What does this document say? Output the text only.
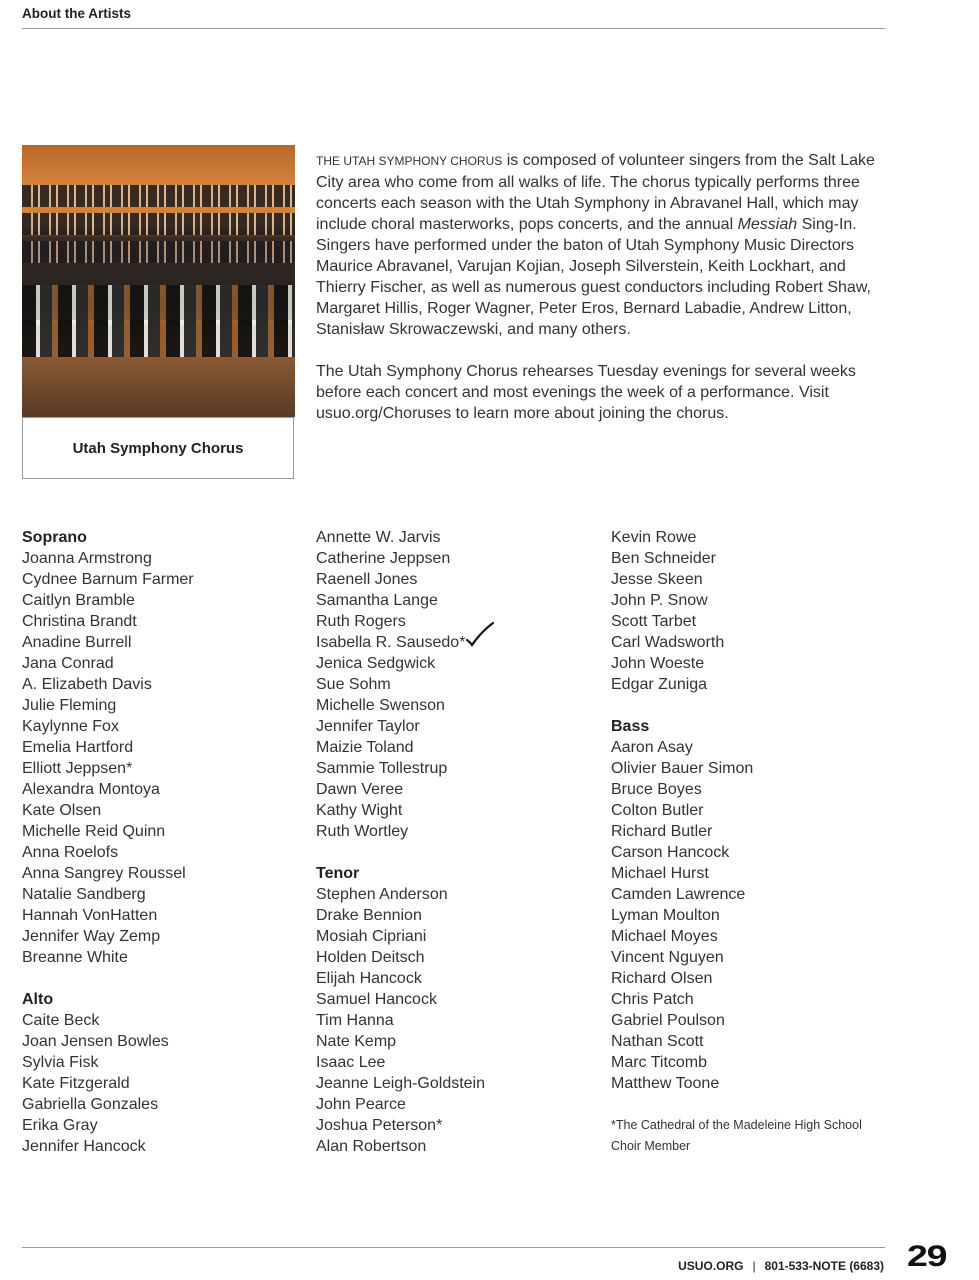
About the Artists
Utah Symphony Chorus

THE UTAH SYMPHONY CHORUS is composed of volunteer singers from the Salt Lake City area who come from all walks of life. The chorus typically performs three concerts each season with the Utah Symphony in Abravanel Hall, which may include choral masterworks, pops concerts, and the annual Messiah Sing-In. Singers have performed under the baton of Utah Symphony Music Directors Maurice Abravanel, Varujan Kojian, Joseph Silverstein, Keith Lockhart, and Thierry Fischer, as well as numerous guest conductors including Robert Shaw, Margaret Hillis, Roger Wagner, Peter Eros, Bernard Labadie, Andrew Litton, Stanisław Skrowaczewski, and many others.

The Utah Symphony Chorus rehearses Tuesday evenings for several weeks before each concert and most evenings the week of a performance. Visit usuo.org/Choruses to learn more about joining the chorus.

Soprano
Joanna Armstrong
Cydnee Barnum Farmer
Caitlyn Bramble
Christina Brandt
Anadine Burrell
Jana Conrad
A. Elizabeth Davis
Julie Fleming
Kaylynne Fox
Emelia Hartford
Elliott Jeppsen*
Alexandra Montoya
Kate Olsen
Michelle Reid Quinn
Anna Roelofs
Anna Sangrey Roussel
Natalie Sandberg
Hannah VonHatten
Jennifer Way Zemp
Breanne White
Alto
Caite Beck
Joan Jensen Bowles
Sylvia Fisk
Kate Fitzgerald
Gabriella Gonzales
Erika Gray
Jennifer Hancock
Annette W. Jarvis
Catherine Jeppsen
Raenell Jones
Samantha Lange
Ruth Rogers
Isabella R. Sausedo*
Jenica Sedgwick
Sue Sohm
Michelle Swenson
Jennifer Taylor
Maizie Toland
Sammie Tollestrup
Dawn Veree
Kathy Wight
Ruth Wortley
Tenor
Stephen Anderson
Drake Bennion
Mosiah Cipriani
Holden Deitsch
Elijah Hancock
Samuel Hancock
Tim Hanna
Nate Kemp
Isaac Lee
Jeanne Leigh-Goldstein
John Pearce
Joshua Peterson*
Alan Robertson
Kevin Rowe
Ben Schneider
Jesse Skeen
John P. Snow
Scott Tarbet
Carl Wadsworth
John Woeste
Edgar Zuniga
Bass
Aaron Asay
Olivier Bauer Simon
Bruce Boyes
Colton Butler
Richard Butler
Carson Hancock
Michael Hurst
Camden Lawrence
Lyman Moulton
Michael Moyes
Vincent Nguyen
Richard Olsen
Chris Patch
Gabriel Poulson
Nathan Scott
Marc Titcomb
Matthew Toone
*The Cathedral of the Madeleine High School Choir Member
USUO.ORG | 801-533-NOTE (6683) 29
